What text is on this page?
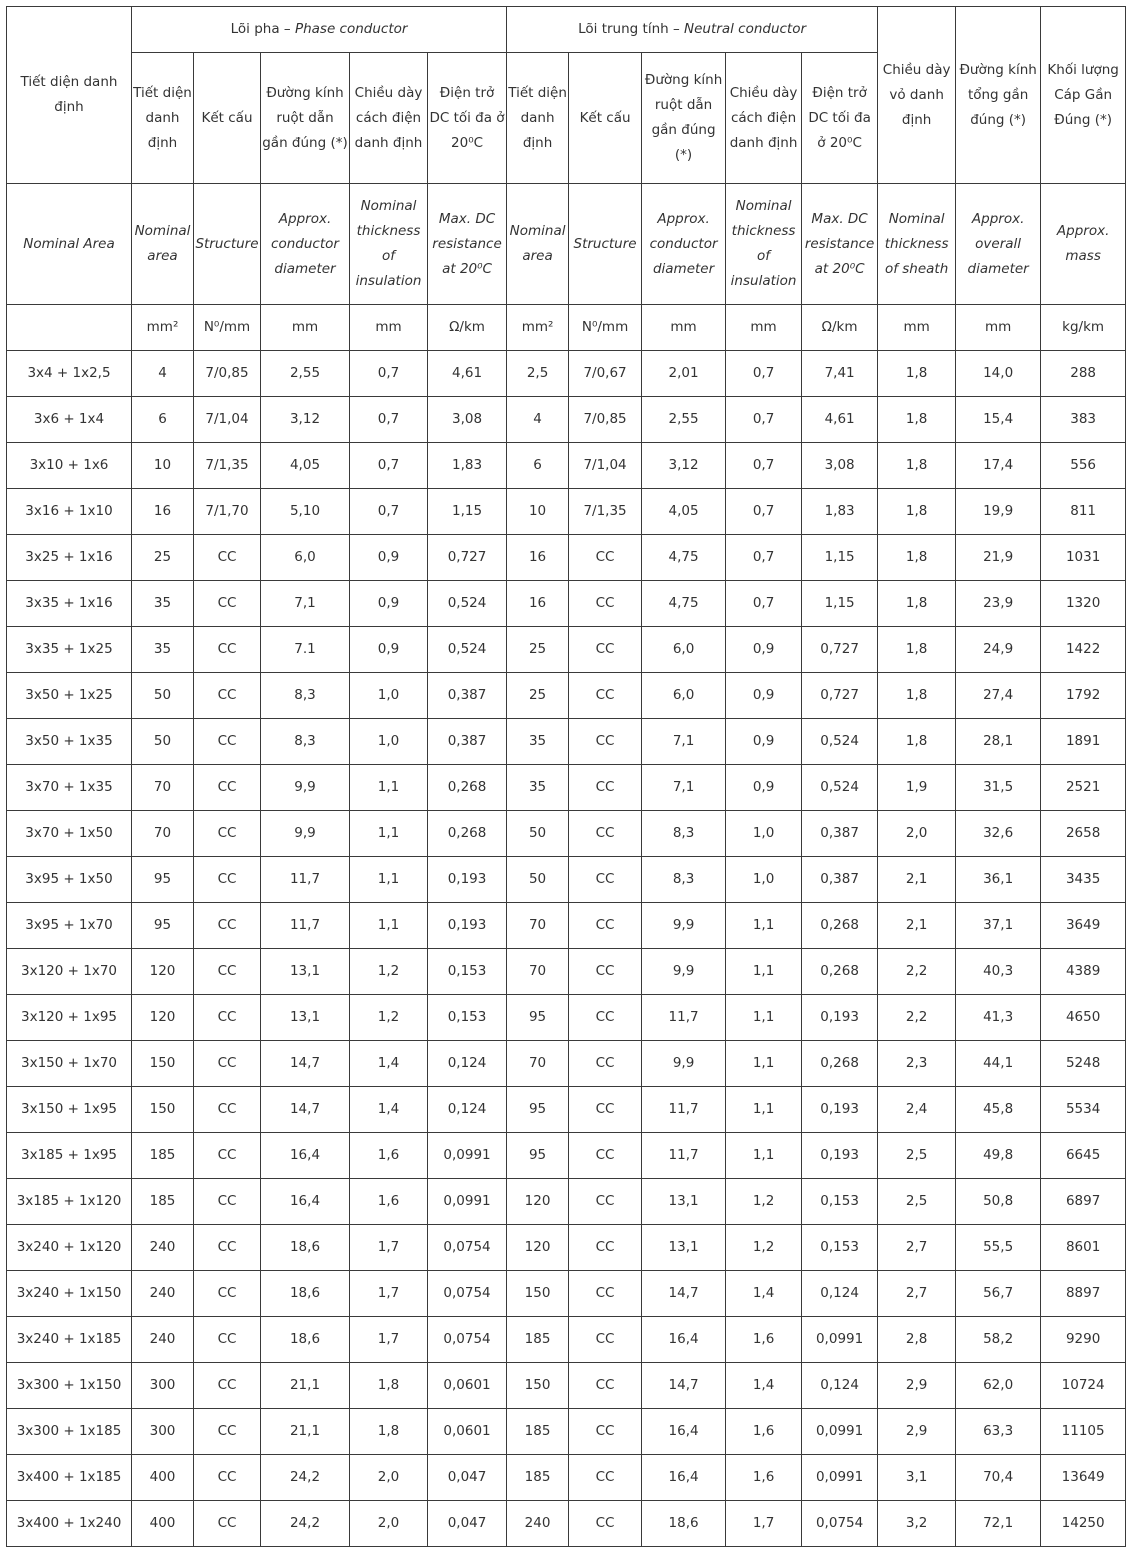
Tiết diện danh định	Lõi pha – Phase conductor					Lõi trung tính – Neutral conductor					Chiều dày vỏ danh định	Đường kính tổng gần đúng (*)	Khối lượng Cáp Gần Đúng (*)
	Tiết diện danh định	Kết cấu	Đường kính ruột dẫn gần đúng (*)	Chiều dày cách điện danh định	Điện trở DC tối đa ở 20⁰C	Tiết diện danh định	Kết cấu	Đường kính ruột dẫn gần đúng (*)	Chiều dày cách điện danh định	Điện trở DC tối đa ở 20⁰C			
Nominal Area	Nominal area	Structure	Approx. conductor diameter	Nominal thickness of insulation	Max. DC resistance at 20⁰C	Nominal area	Structure	Approx. conductor diameter	Nominal thickness of insulation	Max. DC resistance at 20⁰C	Nominal thickness of sheath	Approx. overall diameter	Approx. mass
	mm²	N⁰/mm	mm	mm	Ω/km	mm²	N⁰/mm	mm	mm	Ω/km	mm	mm	kg/km
3x4 + 1x2,5	4	7/0,85	2,55	0,7	4,61	2,5	7/0,67	2,01	0,7	7,41	1,8	14,0	288
3x6 + 1x4	6	7/1,04	3,12	0,7	3,08	4	7/0,85	2,55	0,7	4,61	1,8	15,4	383
3x10 + 1x6	10	7/1,35	4,05	0,7	1,83	6	7/1,04	3,12	0,7	3,08	1,8	17,4	556
3x16 + 1x10	16	7/1,70	5,10	0,7	1,15	10	7/1,35	4,05	0,7	1,83	1,8	19,9	811
3x25 + 1x16	25	CC	6,0	0,9	0,727	16	CC	4,75	0,7	1,15	1,8	21,9	1031
3x35 + 1x16	35	CC	7,1	0,9	0,524	16	CC	4,75	0,7	1,15	1,8	23,9	1320
3x35 + 1x25	35	CC	7.1	0,9	0,524	25	CC	6,0	0,9	0,727	1,8	24,9	1422
3x50 + 1x25	50	CC	8,3	1,0	0,387	25	CC	6,0	0,9	0,727	1,8	27,4	1792
3x50 + 1x35	50	CC	8,3	1,0	0,387	35	CC	7,1	0,9	0,524	1,8	28,1	1891
3x70 + 1x35	70	CC	9,9	1,1	0,268	35	CC	7,1	0,9	0,524	1,9	31,5	2521
3x70 + 1x50	70	CC	9,9	1,1	0,268	50	CC	8,3	1,0	0,387	2,0	32,6	2658
3x95 + 1x50	95	CC	11,7	1,1	0,193	50	CC	8,3	1,0	0,387	2,1	36,1	3435
3x95 + 1x70	95	CC	11,7	1,1	0,193	70	CC	9,9	1,1	0,268	2,1	37,1	3649
3x120 + 1x70	120	CC	13,1	1,2	0,153	70	CC	9,9	1,1	0,268	2,2	40,3	4389
3x120 + 1x95	120	CC	13,1	1,2	0,153	95	CC	11,7	1,1	0,193	2,2	41,3	4650
3x150 + 1x70	150	CC	14,7	1,4	0,124	70	CC	9,9	1,1	0,268	2,3	44,1	5248
3x150 + 1x95	150	CC	14,7	1,4	0,124	95	CC	11,7	1,1	0,193	2,4	45,8	5534
3x185 + 1x95	185	CC	16,4	1,6	0,0991	95	CC	11,7	1,1	0,193	2,5	49,8	6645
3x185 + 1x120	185	CC	16,4	1,6	0,0991	120	CC	13,1	1,2	0,153	2,5	50,8	6897
3x240 + 1x120	240	CC	18,6	1,7	0,0754	120	CC	13,1	1,2	0,153	2,7	55,5	8601
3x240 + 1x150	240	CC	18,6	1,7	0,0754	150	CC	14,7	1,4	0,124	2,7	56,7	8897
3x240 + 1x185	240	CC	18,6	1,7	0,0754	185	CC	16,4	1,6	0,0991	2,8	58,2	9290
3x300 + 1x150	300	CC	21,1	1,8	0,0601	150	CC	14,7	1,4	0,124	2,9	62,0	10724
3x300 + 1x185	300	CC	21,1	1,8	0,0601	185	CC	16,4	1,6	0,0991	2,9	63,3	11105
3x400 + 1x185	400	CC	24,2	2,0	0,047	185	CC	16,4	1,6	0,0991	3,1	70,4	13649
3x400 + 1x240	400	CC	24,2	2,0	0,047	240	CC	18,6	1,7	0,0754	3,2	72,1	14250
